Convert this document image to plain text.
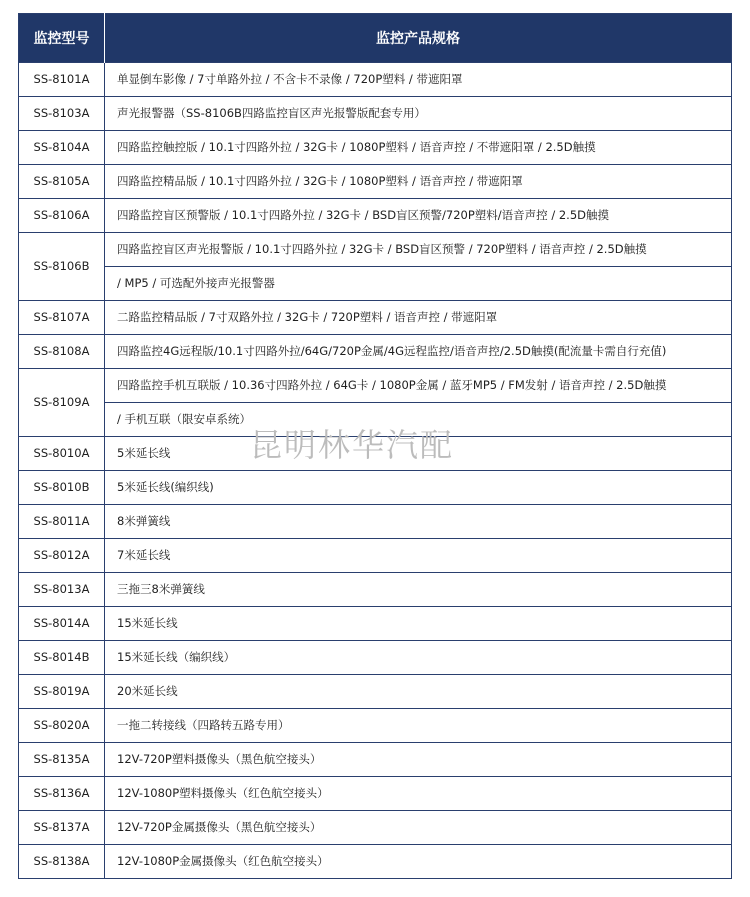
监控型号	监控产品规格
SS-8101A	单显倒车影像 / 7寸单路外拉 / 不含卡不录像 / 720P塑料 / 带遮阳罩
SS-8103A	声光报警器（SS-8106B四路监控盲区声光报警版配套专用）
SS-8104A	四路监控触控版 / 10.1寸四路外拉 / 32G卡 / 1080P塑料 / 语音声控 / 不带遮阳罩 / 2.5D触摸
SS-8105A	四路监控精品版 / 10.1寸四路外拉 / 32G卡 / 1080P塑料 / 语音声控 / 带遮阳罩
SS-8106A	四路监控盲区预警版 / 10.1寸四路外拉 / 32G卡 / BSD盲区预警/720P塑料/语音声控 / 2.5D触摸
SS-8106B	四路监控盲区声光报警版 / 10.1寸四路外拉 / 32G卡 / BSD盲区预警 / 720P塑料 / 语音声控 / 2.5D触摸
/ MP5 / 可选配外接声光报警器

SS-8107A	二路监控精品版 / 7寸双路外拉 / 32G卡 / 720P塑料 / 语音声控 / 带遮阳罩
SS-8108A	四路监控4G远程版/10.1寸四路外拉/64G/720P金属/4G远程监控/语音声控/2.5D触摸(配流量卡需自行充值)
SS-8109A	四路监控手机互联版 / 10.36寸四路外拉 / 64G卡 / 1080P金属 / 蓝牙MP5 / FM发射 / 语音声控 / 2.5D触摸
/ 手机互联（限安卓系统）

SS-8010A	5米延长线
SS-8010B	5米延长线(编织线)
SS-8011A	8米弹簧线
SS-8012A	7米延长线
SS-8013A	三拖三8米弹簧线
SS-8014A	15米延长线
SS-8014B	15米延长线（编织线）
SS-8019A	20米延长线
SS-8020A	一拖二转接线（四路转五路专用）
SS-8135A	12V-720P塑料摄像头（黑色航空接头）
SS-8136A	12V-1080P塑料摄像头（红色航空接头）
SS-8137A	12V-720P金属摄像头（黑色航空接头）
SS-8138A	12V-1080P金属摄像头（红色航空接头）
昆明林华汽配
